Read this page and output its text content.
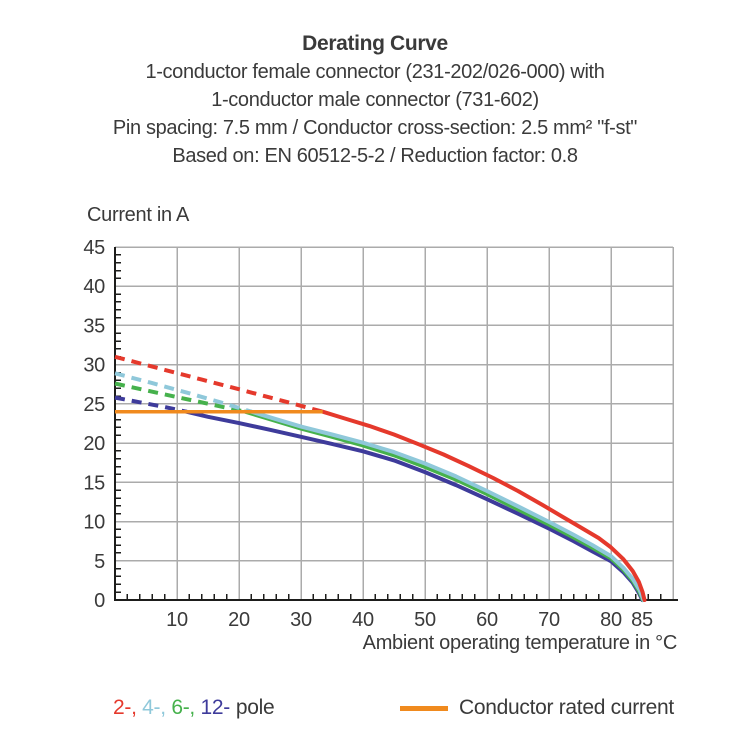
Derating Curve
1-conductor female connector (231-202/026-000) with
1-conductor male connector (731-602)
Pin spacing: 7.5 mm / Conductor cross-section: 2.5 mm² "f-st"
Based on: EN 60512-5-2 / Reduction factor: 0.8
Current in A
10 20 30 40 50 60 70 80 85
0
5
10
15
20
25
30
35
40
45
Ambient operating temperature in °C
2-, 4-, 6-, 12- pole	Conductor rated current
